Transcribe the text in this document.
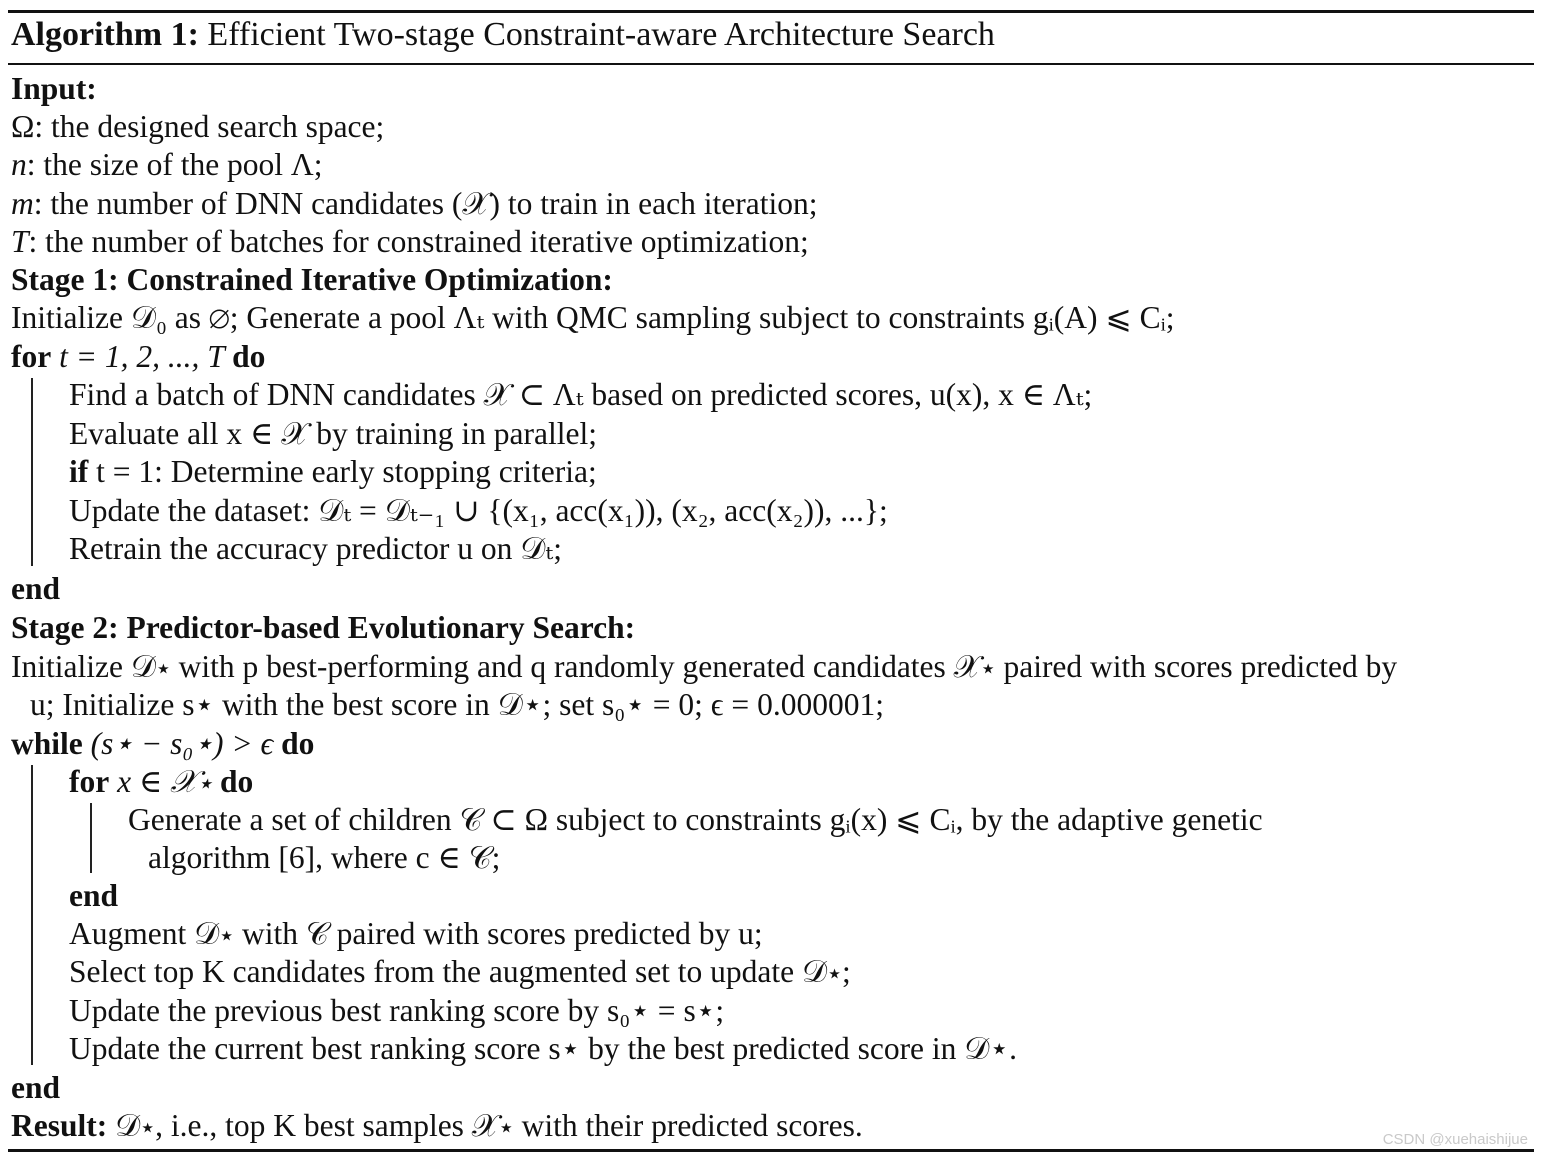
Algorithm 1: Efficient Two-stage Constraint-aware Architecture Search
Input:
Ω: the designed search space;
n: the size of the pool Λ;
m: the number of DNN candidates (𝒳) to train in each iteration;
T: the number of batches for constrained iterative optimization;
Stage 1: Constrained Iterative Optimization:
Initialize 𝒟₀ as ∅; Generate a pool Λₜ with QMC sampling subject to constraints gᵢ(A) ⩽ Cᵢ;
for t = 1, 2, ..., T do
Find a batch of DNN candidates 𝒳 ⊂ Λₜ based on predicted scores, u(x), x ∈ Λₜ;
Evaluate all x ∈ 𝒳 by training in parallel;
if t = 1: Determine early stopping criteria;
Update the dataset: 𝒟ₜ = 𝒟ₜ₋₁ ∪ {(x₁, acc(x₁)), (x₂, acc(x₂)), ...};
Retrain the accuracy predictor u on 𝒟ₜ;
end
Stage 2: Predictor-based Evolutionary Search:
Initialize 𝒟⋆ with p best-performing and q randomly generated candidates 𝒳⋆ paired with scores predicted by
u; Initialize s⋆ with the best score in 𝒟⋆; set s₀⋆ = 0; ϵ = 0.000001;
while (s⋆ − s₀⋆) > ϵ do
for x ∈ 𝒳⋆ do
Generate a set of children 𝒞 ⊂ Ω subject to constraints gᵢ(x) ⩽ Cᵢ, by the adaptive genetic
algorithm [6], where c ∈ 𝒞;
end
Augment 𝒟⋆ with 𝒞 paired with scores predicted by u;
Select top K candidates from the augmented set to update 𝒟⋆;
Update the previous best ranking score by s₀⋆ = s⋆;
Update the current best ranking score s⋆ by the best predicted score in 𝒟⋆.
end
Result: 𝒟⋆, i.e., top K best samples 𝒳⋆ with their predicted scores.	CSDN @xuehaishijue
